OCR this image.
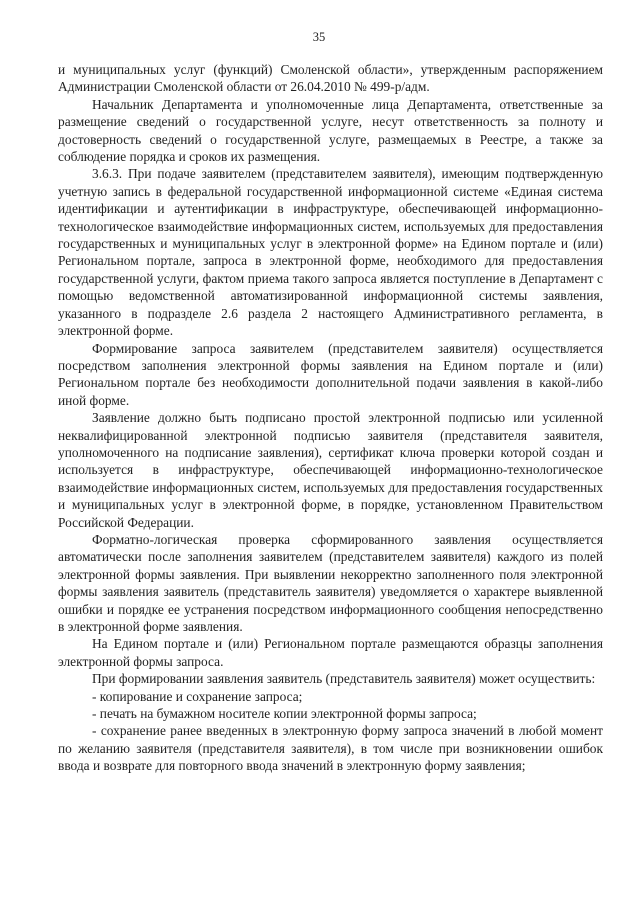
35

и муниципальных услуг (функций) Смоленской области», утвержденным распоряжением Администрации Смоленской области от 26.04.2010 № 499-р/адм.

Начальник Департамента и уполномоченные лица Департамента, ответственные за размещение сведений о государственной услуге, несут ответственность за полноту и достоверность сведений о государственной услуге, размещаемых в Реестре, а также за соблюдение порядка и сроков их размещения.

3.6.3. При подаче заявителем (представителем заявителя), имеющим подтвержденную учетную запись в федеральной государственной информационной системе «Единая система идентификации и аутентификации в инфраструктуре, обеспечивающей информационно-технологическое взаимодействие информационных систем, используемых для предоставления государственных и муниципальных услуг в электронной форме» на Едином портале и (или) Региональном портале, запроса в электронной форме, необходимого для предоставления государственной услуги, фактом приема такого запроса является поступление в Департамент с помощью ведомственной автоматизированной информационной системы заявления, указанного в подразделе 2.6 раздела 2 настоящего Административного регламента, в электронной форме.

Формирование запроса заявителем (представителем заявителя) осуществляется посредством заполнения электронной формы заявления на Едином портале и (или) Региональном портале без необходимости дополнительной подачи заявления в какой-либо иной форме.

Заявление должно быть подписано простой электронной подписью или усиленной неквалифицированной электронной подписью заявителя (представителя заявителя, уполномоченного на подписание заявления), сертификат ключа проверки которой создан и используется в инфраструктуре, обеспечивающей информационно-технологическое взаимодействие информационных систем, используемых для предоставления государственных и муниципальных услуг в электронной форме, в порядке, установленном Правительством Российской Федерации.

Форматно-логическая проверка сформированного заявления осуществляется автоматически после заполнения заявителем (представителем заявителя) каждого из полей электронной формы заявления. При выявлении некорректно заполненного поля электронной формы заявления заявитель (представитель заявителя) уведомляется о характере выявленной ошибки и порядке ее устранения посредством информационного сообщения непосредственно в электронной форме заявления.

На Едином портале и (или) Региональном портале размещаются образцы заполнения электронной формы запроса.

При формировании заявления заявитель (представитель заявителя) может осуществить:

- копирование и сохранение запроса;

- печать на бумажном носителе копии электронной формы запроса;

- сохранение ранее введенных в электронную форму запроса значений в любой момент по желанию заявителя (представителя заявителя), в том числе при возникновении ошибок ввода и возврате для повторного ввода значений в электронную форму заявления;
